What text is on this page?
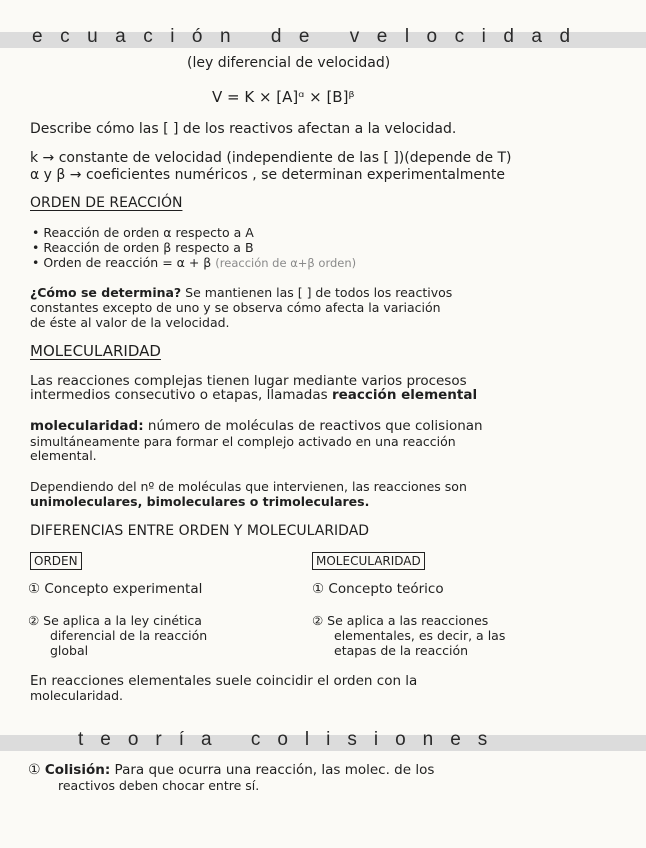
ecuación de velocidad
(ley diferencial de velocidad)
V = K × [A]ᵅ × [B]ᵝ
Describe cómo las [ ] de los reactivos afectan a la velocidad.
k → constante de velocidad (independiente de las [ ])(depende de T)
α y β → coeficientes numéricos , se determinan experimentalmente
ORDEN DE REACCIÓN
• Reacción de orden α respecto a A
• Reacción de orden β respecto a B
• Orden de reacción = α + β (reacción de α+β orden)
¿Cómo se determina? Se mantienen las [ ] de todos los reactivos
constantes excepto de uno y se observa cómo afecta la variación
de éste al valor de la velocidad.
MOLECULARIDAD
Las reacciones complejas tienen lugar mediante varios procesos
intermedios consecutivo o etapas, llamadas reacción elemental
molecularidad: número de moléculas de reactivos que colisionan
simultáneamente para formar el complejo activado en una reacción
elemental.
Dependiendo del nº de moléculas que intervienen, las reacciones son
unimoleculares, bimoleculares o trimoleculares.
DIFERENCIAS ENTRE ORDEN Y MOLECULARIDAD
ORDEN	MOLECULARIDAD
① Concepto experimental	① Concepto teórico
② Se aplica a la ley cinética
diferencial de la reacción
global
② Se aplica a las reacciones
elementales, es decir, a las
etapas de la reacción
En reacciones elementales suele coincidir el orden con la
molecularidad.
teoría colisiones
① Colisión: Para que ocurra una reacción, las molec. de los
reactivos deben chocar entre sí.
